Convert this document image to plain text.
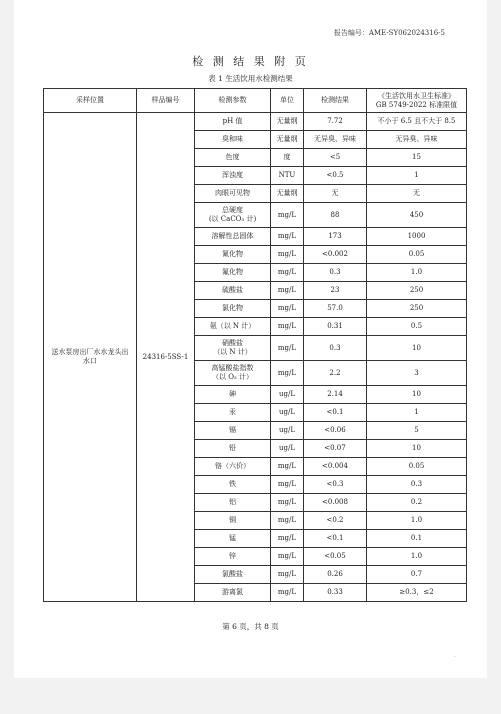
报告编号：AME-SY062024316-5
检 测 结 果 附 页
表 1 生活饮用水检测结果
采样位置	样品编号	检测参数	单位	检测结果	《生活饮用水卫生标准》
GB 5749-2022 标准限值

送水泵房出厂水水龙头出水口	24316-5SS-1	pH 值	无量纲	7.72	不小于 6.5 且不大于 8.5

		臭和味	无量纲	无异臭、异味	无异臭、异味

		色度	度	<5	15

		浑浊度	NTU	<0.5	1

		肉眼可见物	无量纲	无	无

		总硬度
(以 CaCO₃ 计)	mg/L	88	450

		溶解性总固体	mg/L	173	1000

		氰化物	mg/L	<0.002	0.05

		氟化物	mg/L	0.3	1.0

		硫酸盐	mg/L	23	250

		氯化物	mg/L	57.0	250

		氨（以 N 计）	mg/L	0.31	0.5

		硝酸盐
（以 N 计）	mg/L	0.3	10

		高锰酸盐指数
（以 O₂ 计）	mg/L	2.2	3

		砷	ug/L	2.14	10

		汞	ug/L	<0.1	1

		镉	ug/L	<0.06	5

		铅	ug/L	<0.07	10

		铬（六价）	mg/L	<0.004	0.05

		铁	mg/L	<0.3	0.3

		铝	mg/L	<0.008	0.2

		铜	mg/L	<0.2	1.0

		锰	mg/L	<0.1	0.1

		锌	mg/L	<0.05	1.0

		氯酸盐	mg/L	0.26	0.7

		游离氯	mg/L	0.33	≥0.3，≤2
第 6 页，共 8 页
·
